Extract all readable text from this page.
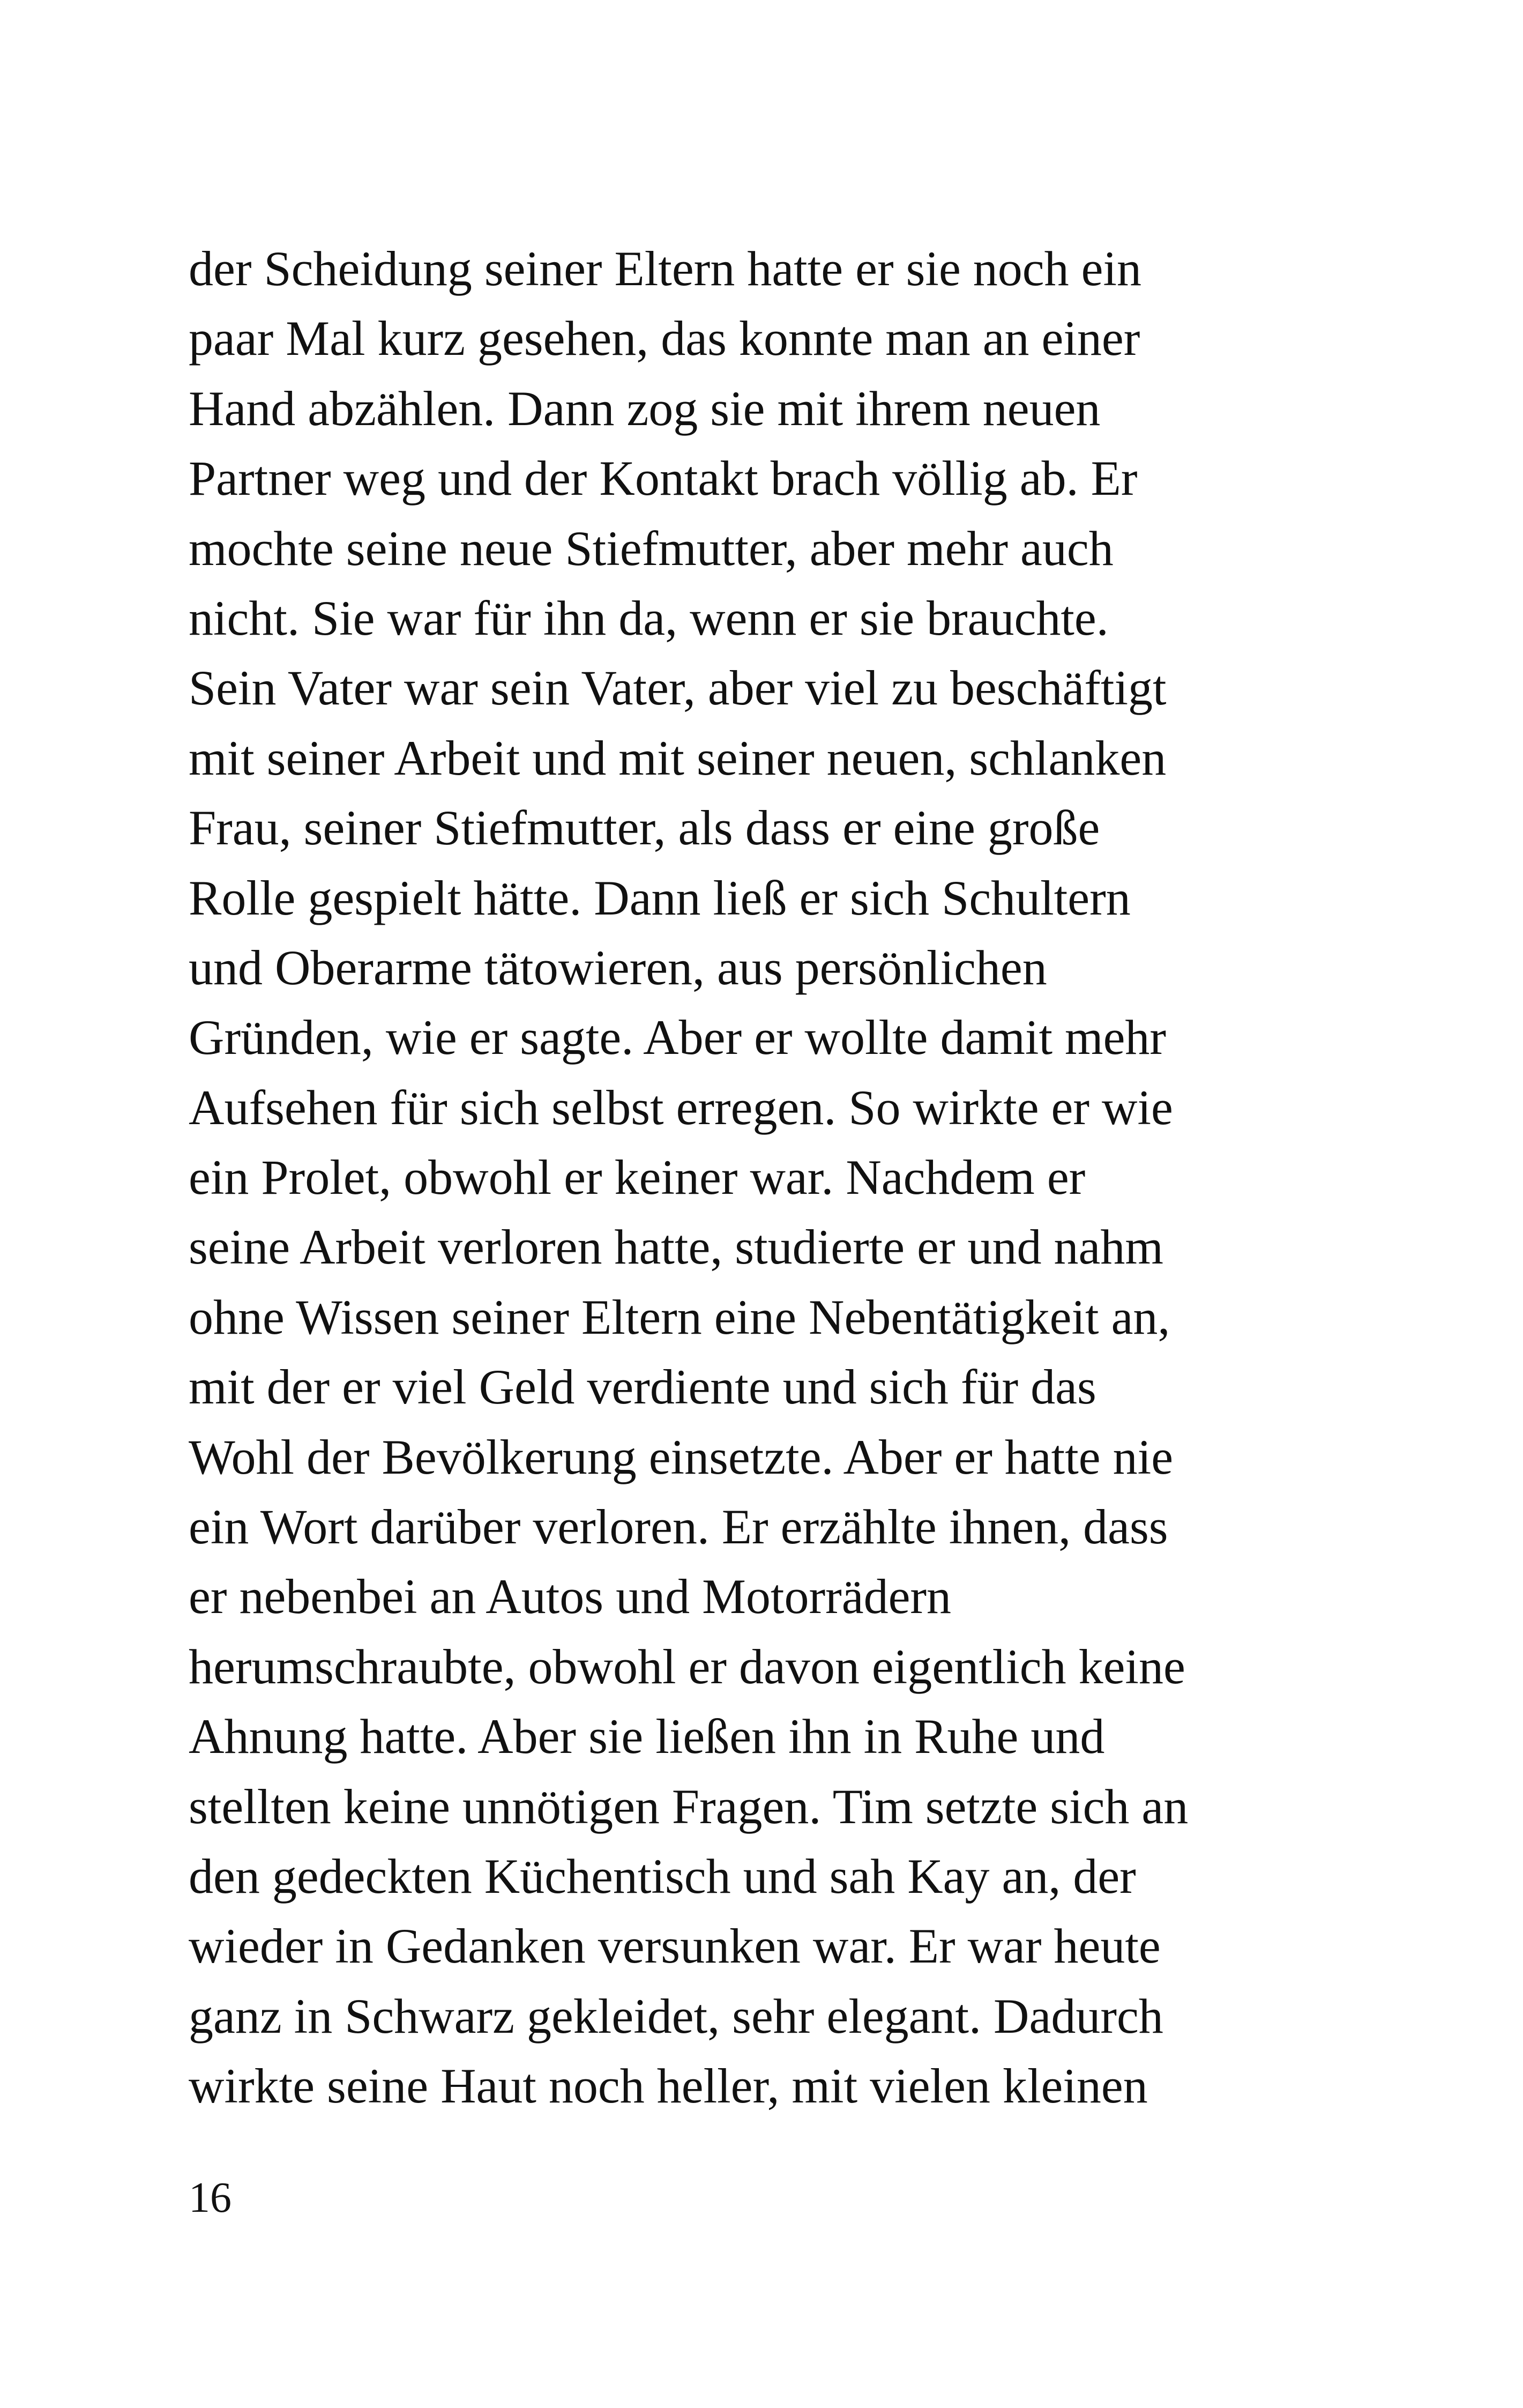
der Scheidung seiner Eltern hatte er sie noch ein
paar Mal kurz gesehen, das konnte man an einer
Hand abzählen. Dann zog sie mit ihrem neuen
Partner weg und der Kontakt brach völlig ab. Er
mochte seine neue Stiefmutter, aber mehr auch
nicht. Sie war für ihn da, wenn er sie brauchte.
Sein Vater war sein Vater, aber viel zu beschäftigt
mit seiner Arbeit und mit seiner neuen, schlanken
Frau, seiner Stiefmutter, als dass er eine große
Rolle gespielt hätte. Dann ließ er sich Schultern
und Oberarme tätowieren, aus persönlichen
Gründen, wie er sagte. Aber er wollte damit mehr
Aufsehen für sich selbst erregen. So wirkte er wie
ein Prolet, obwohl er keiner war. Nachdem er
seine Arbeit verloren hatte, studierte er und nahm
ohne Wissen seiner Eltern eine Nebentätigkeit an,
mit der er viel Geld verdiente und sich für das
Wohl der Bevölkerung einsetzte. Aber er hatte nie
ein Wort darüber verloren. Er erzählte ihnen, dass
er nebenbei an Autos und Motorrädern
herumschraubte, obwohl er davon eigentlich keine
Ahnung hatte. Aber sie ließen ihn in Ruhe und
stellten keine unnötigen Fragen. Tim setzte sich an
den gedeckten Küchentisch und sah Kay an, der
wieder in Gedanken versunken war. Er war heute
ganz in Schwarz gekleidet, sehr elegant. Dadurch
wirkte seine Haut noch heller, mit vielen kleinen
16
